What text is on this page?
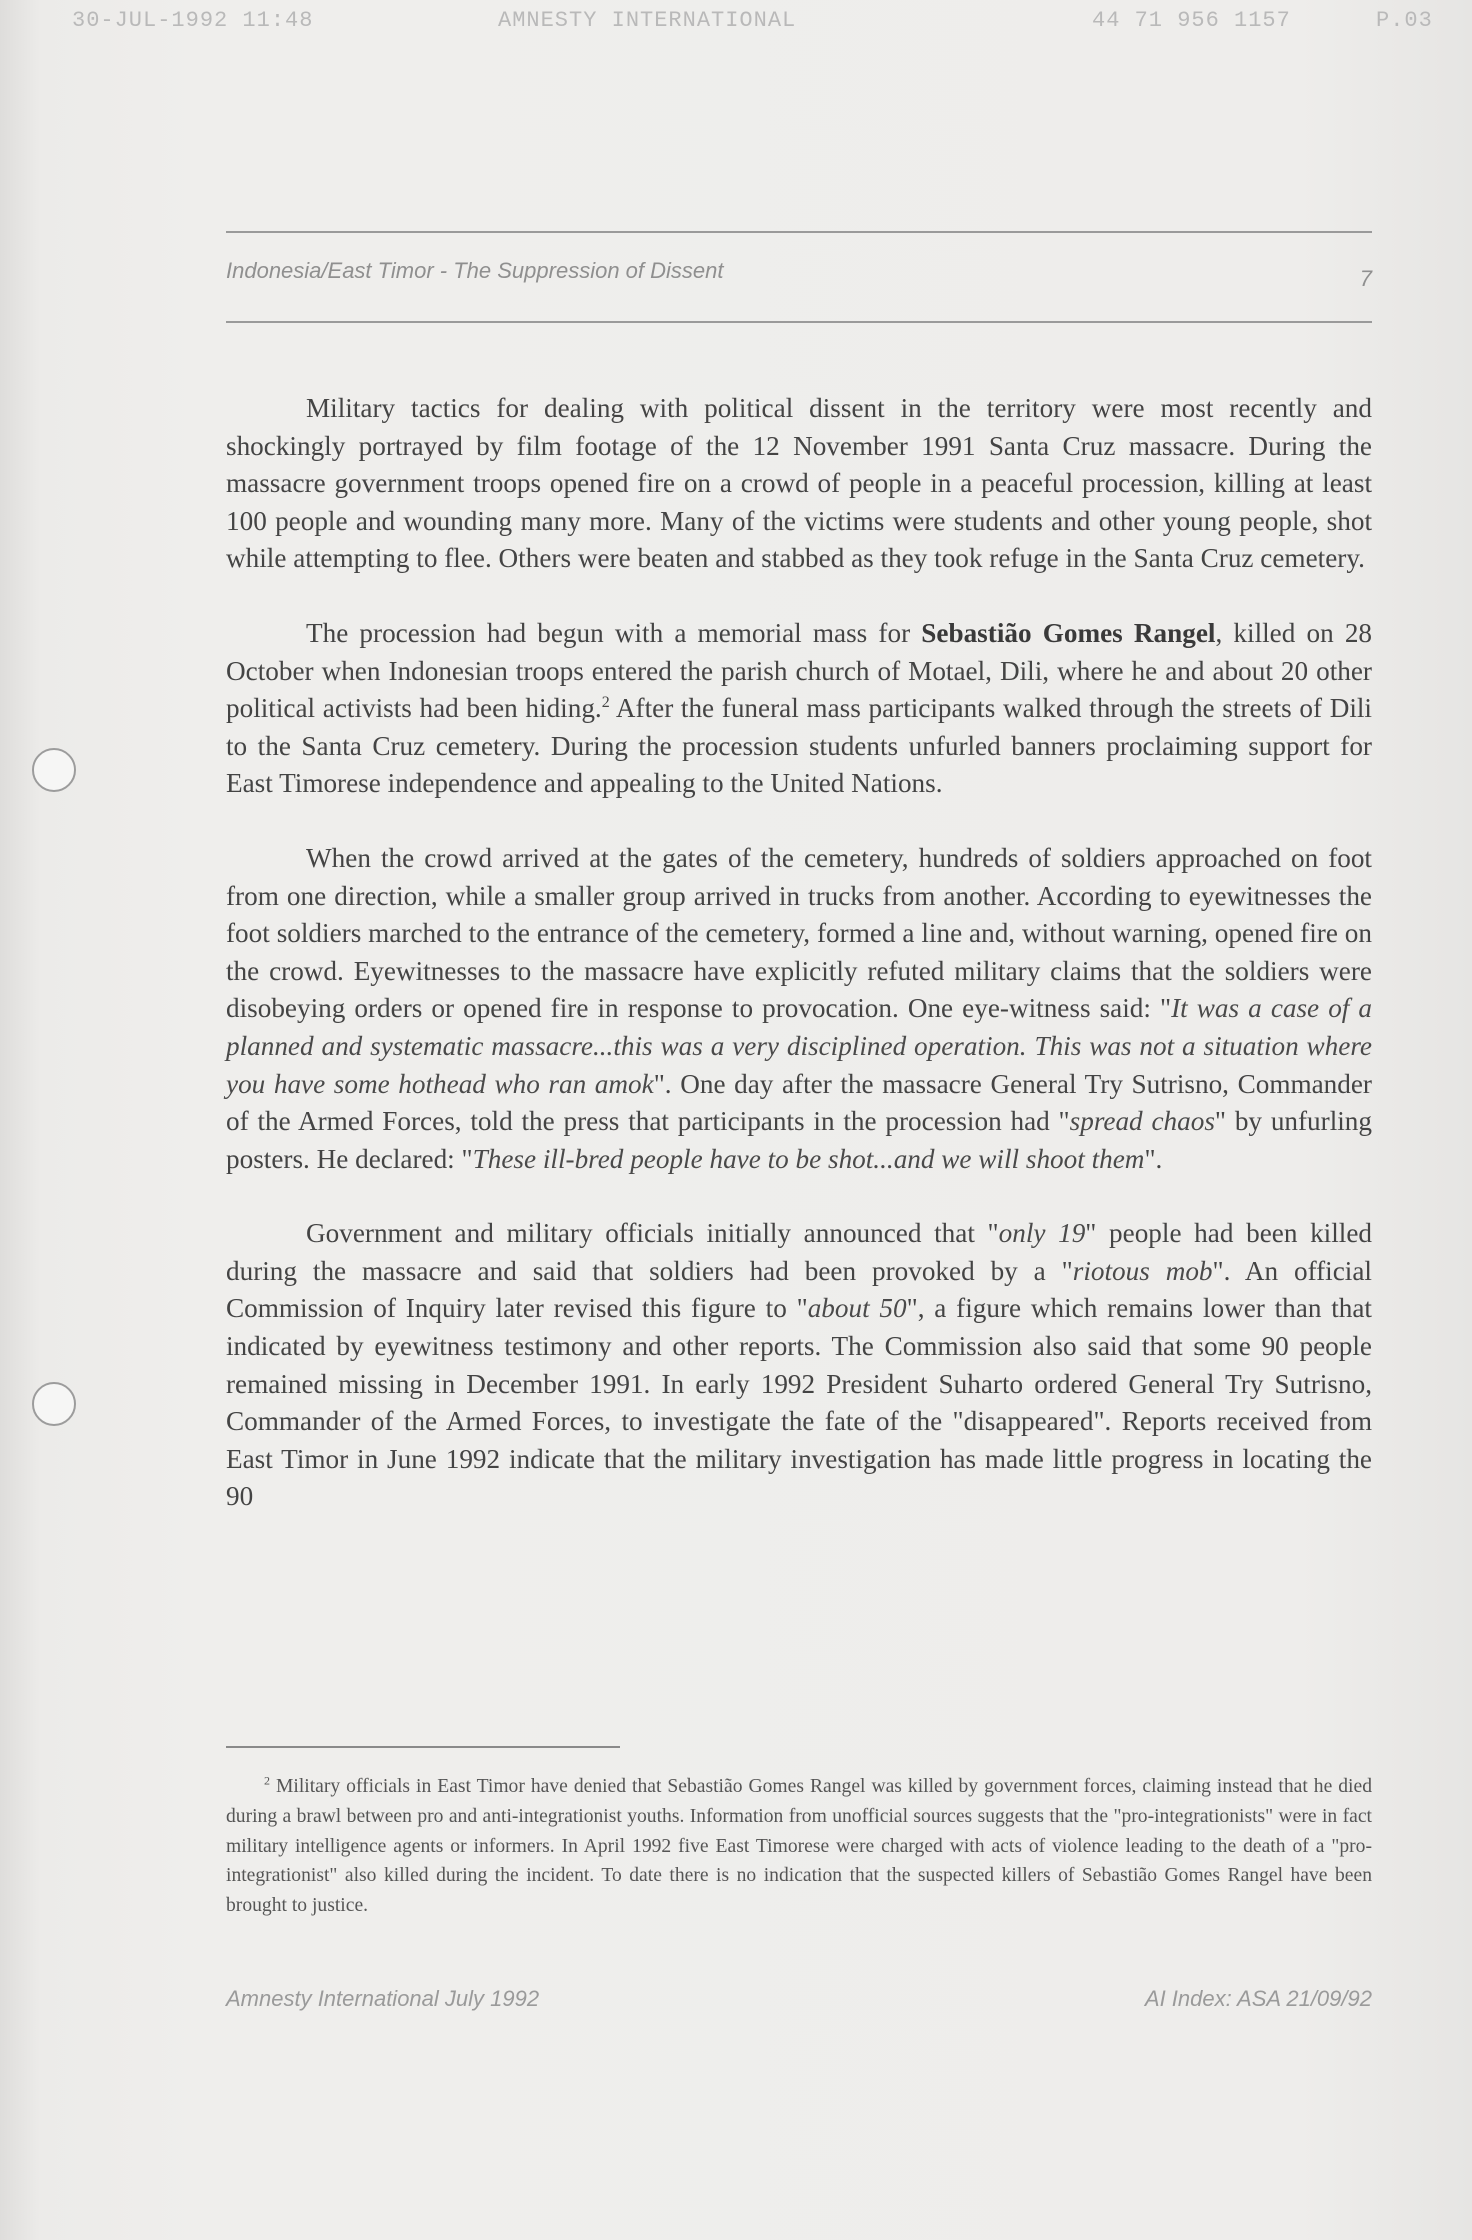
30-JUL-1992 11:48	AMNESTY INTERNATIONAL	44 71 956 1157	P.03
Indonesia/East Timor - The Suppression of Dissent	7

Military tactics for dealing with political dissent in the territory were most recently and shockingly portrayed by film footage of the 12 November 1991 Santa Cruz massacre. During the massacre government troops opened fire on a crowd of people in a peaceful procession, killing at least 100 people and wounding many more. Many of the victims were students and other young people, shot while attempting to flee. Others were beaten and stabbed as they took refuge in the Santa Cruz cemetery.

The procession had begun with a memorial mass for Sebastião Gomes Rangel, killed on 28 October when Indonesian troops entered the parish church of Motael, Dili, where he and about 20 other political activists had been hiding.$^2$ After the funeral mass participants walked through the streets of Dili to the Santa Cruz cemetery. During the procession students unfurled banners proclaiming support for East Timorese independence and appealing to the United Nations.

When the crowd arrived at the gates of the cemetery, hundreds of soldiers approached on foot from one direction, while a smaller group arrived in trucks from another. According to eyewitnesses the foot soldiers marched to the entrance of the cemetery, formed a line and, without warning, opened fire on the crowd. Eyewitnesses to the massacre have explicitly refuted military claims that the soldiers were disobeying orders or opened fire in response to provocation. One eye-witness said: "It was a case of a planned and systematic massacre...this was a very disciplined operation. This was not a situation where you have some hothead who ran amok". One day after the massacre General Try Sutrisno, Commander of the Armed Forces, told the press that participants in the procession had "spread chaos" by unfurling posters. He declared: "These ill-bred people have to be shot...and we will shoot them".

Government and military officials initially announced that "only 19" people had been killed during the massacre and said that soldiers had been provoked by a "riotous mob". An official Commission of Inquiry later revised this figure to "about 50", a figure which remains lower than that indicated by eyewitness testimony and other reports. The Commission also said that some 90 people remained missing in December 1991. In early 1992 President Suharto ordered General Try Sutrisno, Commander of the Armed Forces, to investigate the fate of the "disappeared". Reports received from East Timor in June 1992 indicate that the military investigation has made little progress in locating the 90

$^2$ Military officials in East Timor have denied that Sebastião Gomes Rangel was killed by government forces, claiming instead that he died during a brawl between pro and anti-integrationist youths. Information from unofficial sources suggests that the "pro-integrationists" were in fact military intelligence agents or informers. In April 1992 five East Timorese were charged with acts of violence leading to the death of a "pro-integrationist" also killed during the incident. To date there is no indication that the suspected killers of Sebastião Gomes Rangel have been brought to justice.
Amnesty International July 1992	AI Index: ASA 21/09/92
